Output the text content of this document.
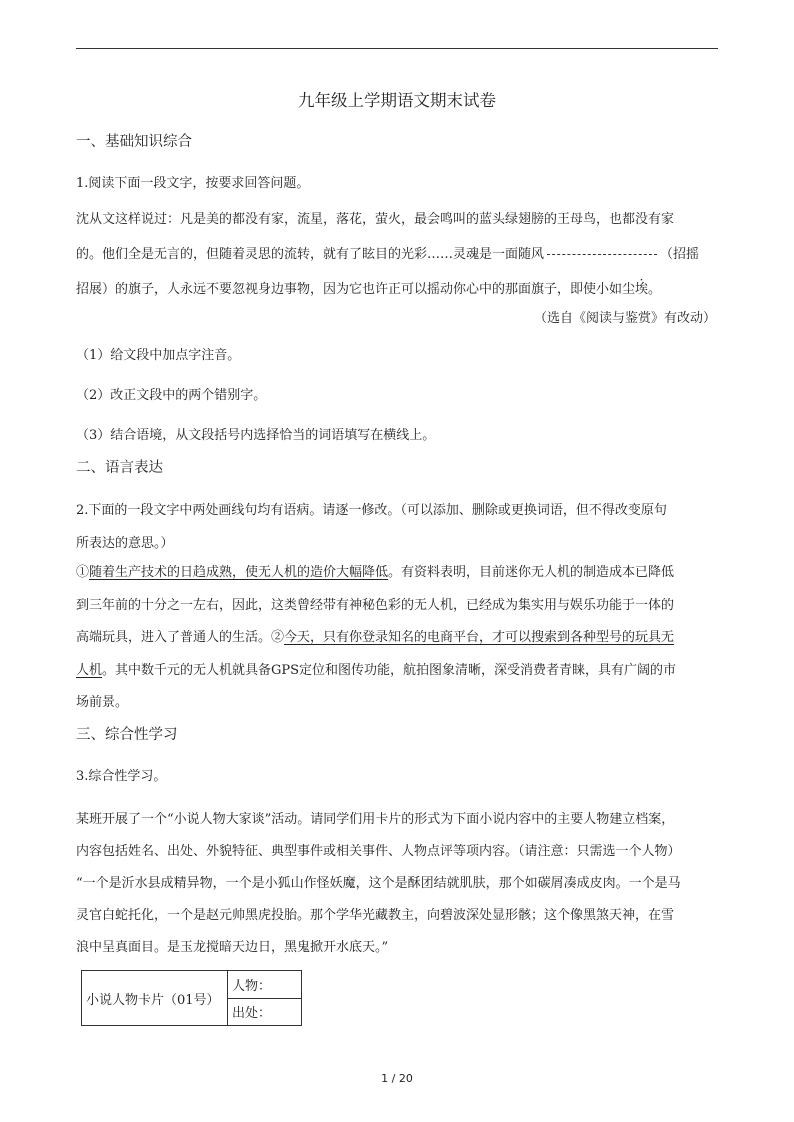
九年级上学期语文期末试卷
一、基础知识综合
1.阅读下面一段文字，按要求回答问题。
沈从文这样说过：凡是美的都没有家，流星，落花，萤火，最会鸣叫的蓝头绿翅膀的王母鸟，也都没有家
的。他们全是无言的，但随着灵思的流转，就有了眩目的光彩……灵魂是一面随风	（招摇
招展）的旗子，人永远不要忽视身边事物，因为它也许正可以摇动你心中的那面旗子，即使小如尘埃。
（选自《阅读与鉴赏》有改动）
（1）给文段中加点字注音。
（2）改正文段中的两个错别字。
（3）结合语境，从文段括号内选择恰当的词语填写在横线上。
二、语言表达
2.下面的一段文字中两处画线句均有语病。请逐一修改。（可以添加、删除或更换词语，但不得改变原句
所表达的意思。）
①随着生产技术的日趋成熟，使无人机的造价大幅降低。有资料表明，目前迷你无人机的制造成本已降低
到三年前的十分之一左右，因此，这类曾经带有神秘色彩的无人机，已经成为集实用与娱乐功能于一体的
高端玩具，进入了普通人的生活。②今天，只有你登录知名的电商平台，才可以搜索到各种型号的玩具无
人机。其中数千元的无人机就具备GPS定位和图传功能，航拍图象清晰，深受消费者青睐，具有广阔的市
场前景。
三、综合性学习
3.综合性学习。
某班开展了一个“小说人物大家谈”活动。请同学们用卡片的形式为下面小说内容中的主要人物建立档案，
内容包括姓名、出处、外貌特征、典型事件或相关事件、人物点评等项内容。（请注意：只需选一个人物）
“一个是沂水县成精异物，一个是小狐山作怪妖魔，这个是酥团结就肌肤，那个如碳屑凑成皮肉。一个是马
灵官白蛇托化，一个是赵元帅黑虎投胎。那个学华光藏教主，向碧波深处显形骸；这个像黑煞天神，在雪
浪中呈真面目。是玉龙搅暗天边日，黑鬼掀开水底天。”
小说人物卡片（01号）	人物：
出处：
1 / 20
